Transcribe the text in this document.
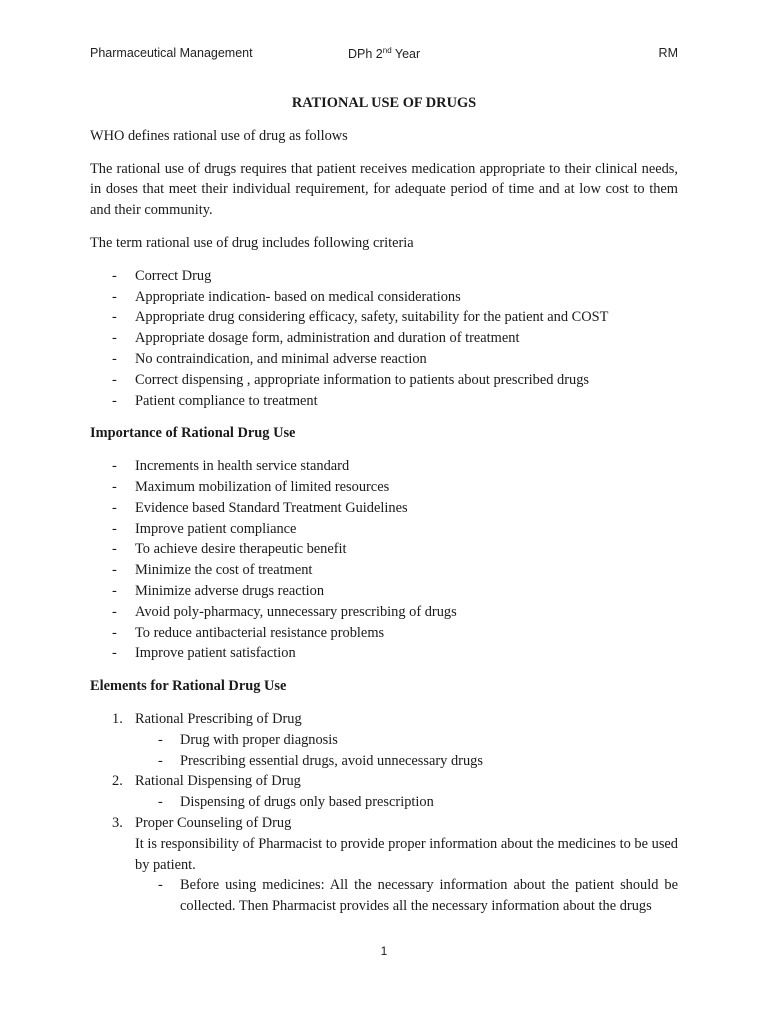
Pharmaceutical Management	DPh 2nd Year	RM
RATIONAL USE OF DRUGS

WHO defines rational use of drug as follows

The rational use of drugs requires that patient receives medication appropriate to their clinical needs, in doses that meet their individual requirement, for adequate period of time and at low cost to them and their community.

The term rational use of drug includes following criteria

- Correct Drug
- Appropriate indication- based on medical considerations
- Appropriate drug considering efficacy, safety, suitability for the patient and COST
- Appropriate dosage form, administration and duration of treatment
- No contraindication, and minimal adverse reaction
- Correct dispensing , appropriate information to patients about prescribed drugs
- Patient compliance to treatment
Importance of Rational Drug Use
- Increments in health service standard
- Maximum mobilization of limited resources
- Evidence based Standard Treatment Guidelines
- Improve patient compliance
- To achieve desire therapeutic benefit
- Minimize the cost of treatment
- Minimize adverse drugs reaction
- Avoid poly-pharmacy, unnecessary prescribing of drugs
- To reduce antibacterial resistance problems
- Improve patient satisfaction
Elements for Rational Drug Use
1. Rational Prescribing of Drug
- Drug with proper diagnosis
- Prescribing essential drugs, avoid unnecessary drugs
2. Rational Dispensing of Drug
- Dispensing of drugs only based prescription
3. Proper Counseling of Drug
It is responsibility of Pharmacist to provide proper information about the medicines to be used by patient.
- Before using medicines: All the necessary information about the patient should be collected. Then Pharmacist provides all the necessary information about the drugs
1
